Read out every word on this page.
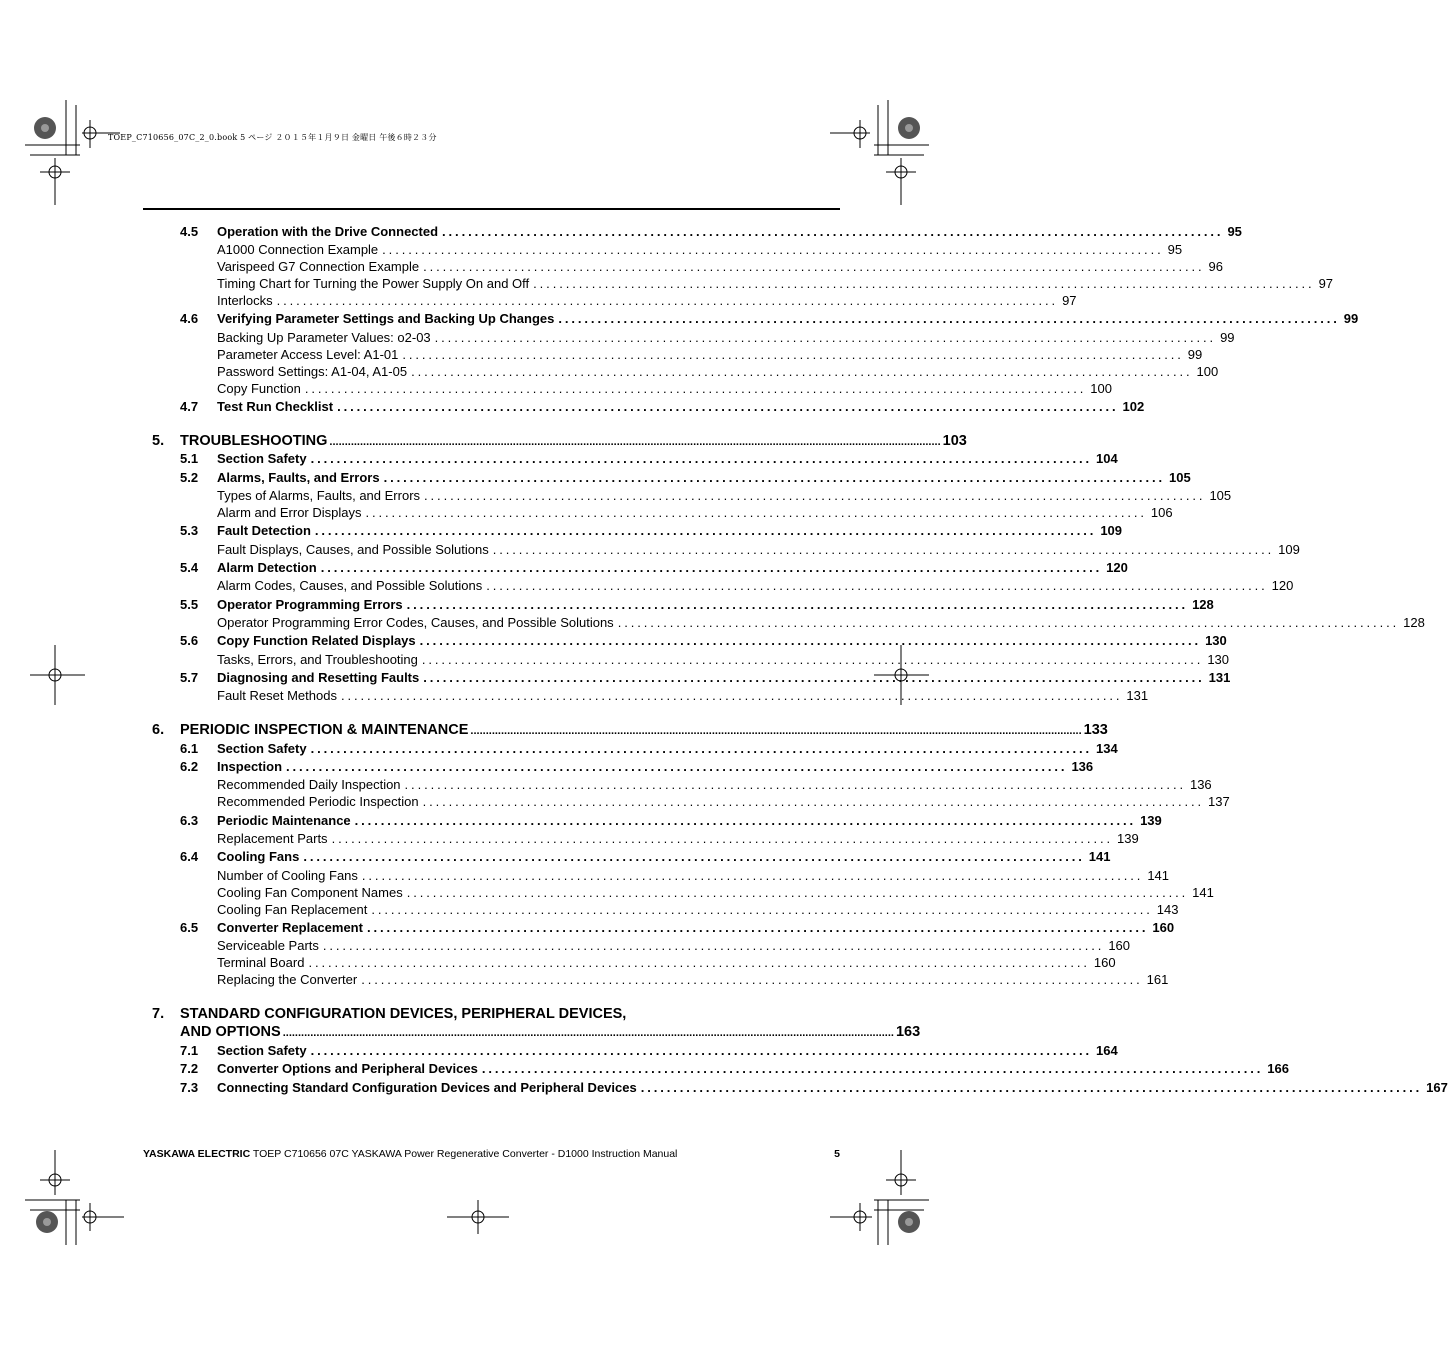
TOEP_C710656_07C_2_0.book 5 ページ ２０１５年１月９日 金曜日 午後６時２３分
4.5 Operation with the Drive Connected ........................................................................................................................ 95
A1000 Connection Example ........................................................................................................................ 95
Varispeed G7 Connection Example ........................................................................................................................ 96
Timing Chart for Turning the Power Supply On and Off ........................................................................................................................ 97
Interlocks ........................................................................................................................ 97
4.6 Verifying Parameter Settings and Backing Up Changes ........................................................................................................................ 99
Backing Up Parameter Values: o2-03 ........................................................................................................................ 99
Parameter Access Level: A1-01 ........................................................................................................................ 99
Password Settings: A1-04, A1-05 ........................................................................................................................ 100
Copy Function ........................................................................................................................ 100
4.7 Test Run Checklist ........................................................................................................................ 102
5. TROUBLESHOOTING ........................................................................................................................................................................................................ 103
5.1 Section Safety ........................................................................................................................ 104
5.2 Alarms, Faults, and Errors ........................................................................................................................ 105
Types of Alarms, Faults, and Errors ........................................................................................................................ 105
Alarm and Error Displays ........................................................................................................................ 106
5.3 Fault Detection ........................................................................................................................ 109
Fault Displays, Causes, and Possible Solutions ........................................................................................................................ 109
5.4 Alarm Detection ........................................................................................................................ 120
Alarm Codes, Causes, and Possible Solutions ........................................................................................................................ 120
5.5 Operator Programming Errors ........................................................................................................................ 128
Operator Programming Error Codes, Causes, and Possible Solutions ........................................................................................................................ 128
5.6 Copy Function Related Displays ........................................................................................................................ 130
Tasks, Errors, and Troubleshooting ........................................................................................................................ 130
5.7 Diagnosing and Resetting Faults ........................................................................................................................ 131
Fault Reset Methods ........................................................................................................................ 131
6. PERIODIC INSPECTION & MAINTENANCE ........................................................................................................................................................................................................ 133
6.1 Section Safety ........................................................................................................................ 134
6.2 Inspection ........................................................................................................................ 136
Recommended Daily Inspection ........................................................................................................................ 136
Recommended Periodic Inspection ........................................................................................................................ 137
6.3 Periodic Maintenance ........................................................................................................................ 139
Replacement Parts ........................................................................................................................ 139
6.4 Cooling Fans ........................................................................................................................ 141
Number of Cooling Fans ........................................................................................................................ 141
Cooling Fan Component Names ........................................................................................................................ 141
Cooling Fan Replacement ........................................................................................................................ 143
6.5 Converter Replacement ........................................................................................................................ 160
Serviceable Parts ........................................................................................................................ 160
Terminal Board ........................................................................................................................ 160
Replacing the Converter ........................................................................................................................ 161
7. STANDARD CONFIGURATION DEVICES, PERIPHERAL DEVICES,
AND OPTIONS ........................................................................................................................................................................................................ 163
7.1 Section Safety ........................................................................................................................ 164
7.2 Converter Options and Peripheral Devices ........................................................................................................................ 166
7.3 Connecting Standard Configuration Devices and Peripheral Devices ........................................................................................................................ 167
YASKAWA ELECTRIC TOEP C710656 07C YASKAWA Power Regenerative Converter - D1000 Instruction Manual	5
